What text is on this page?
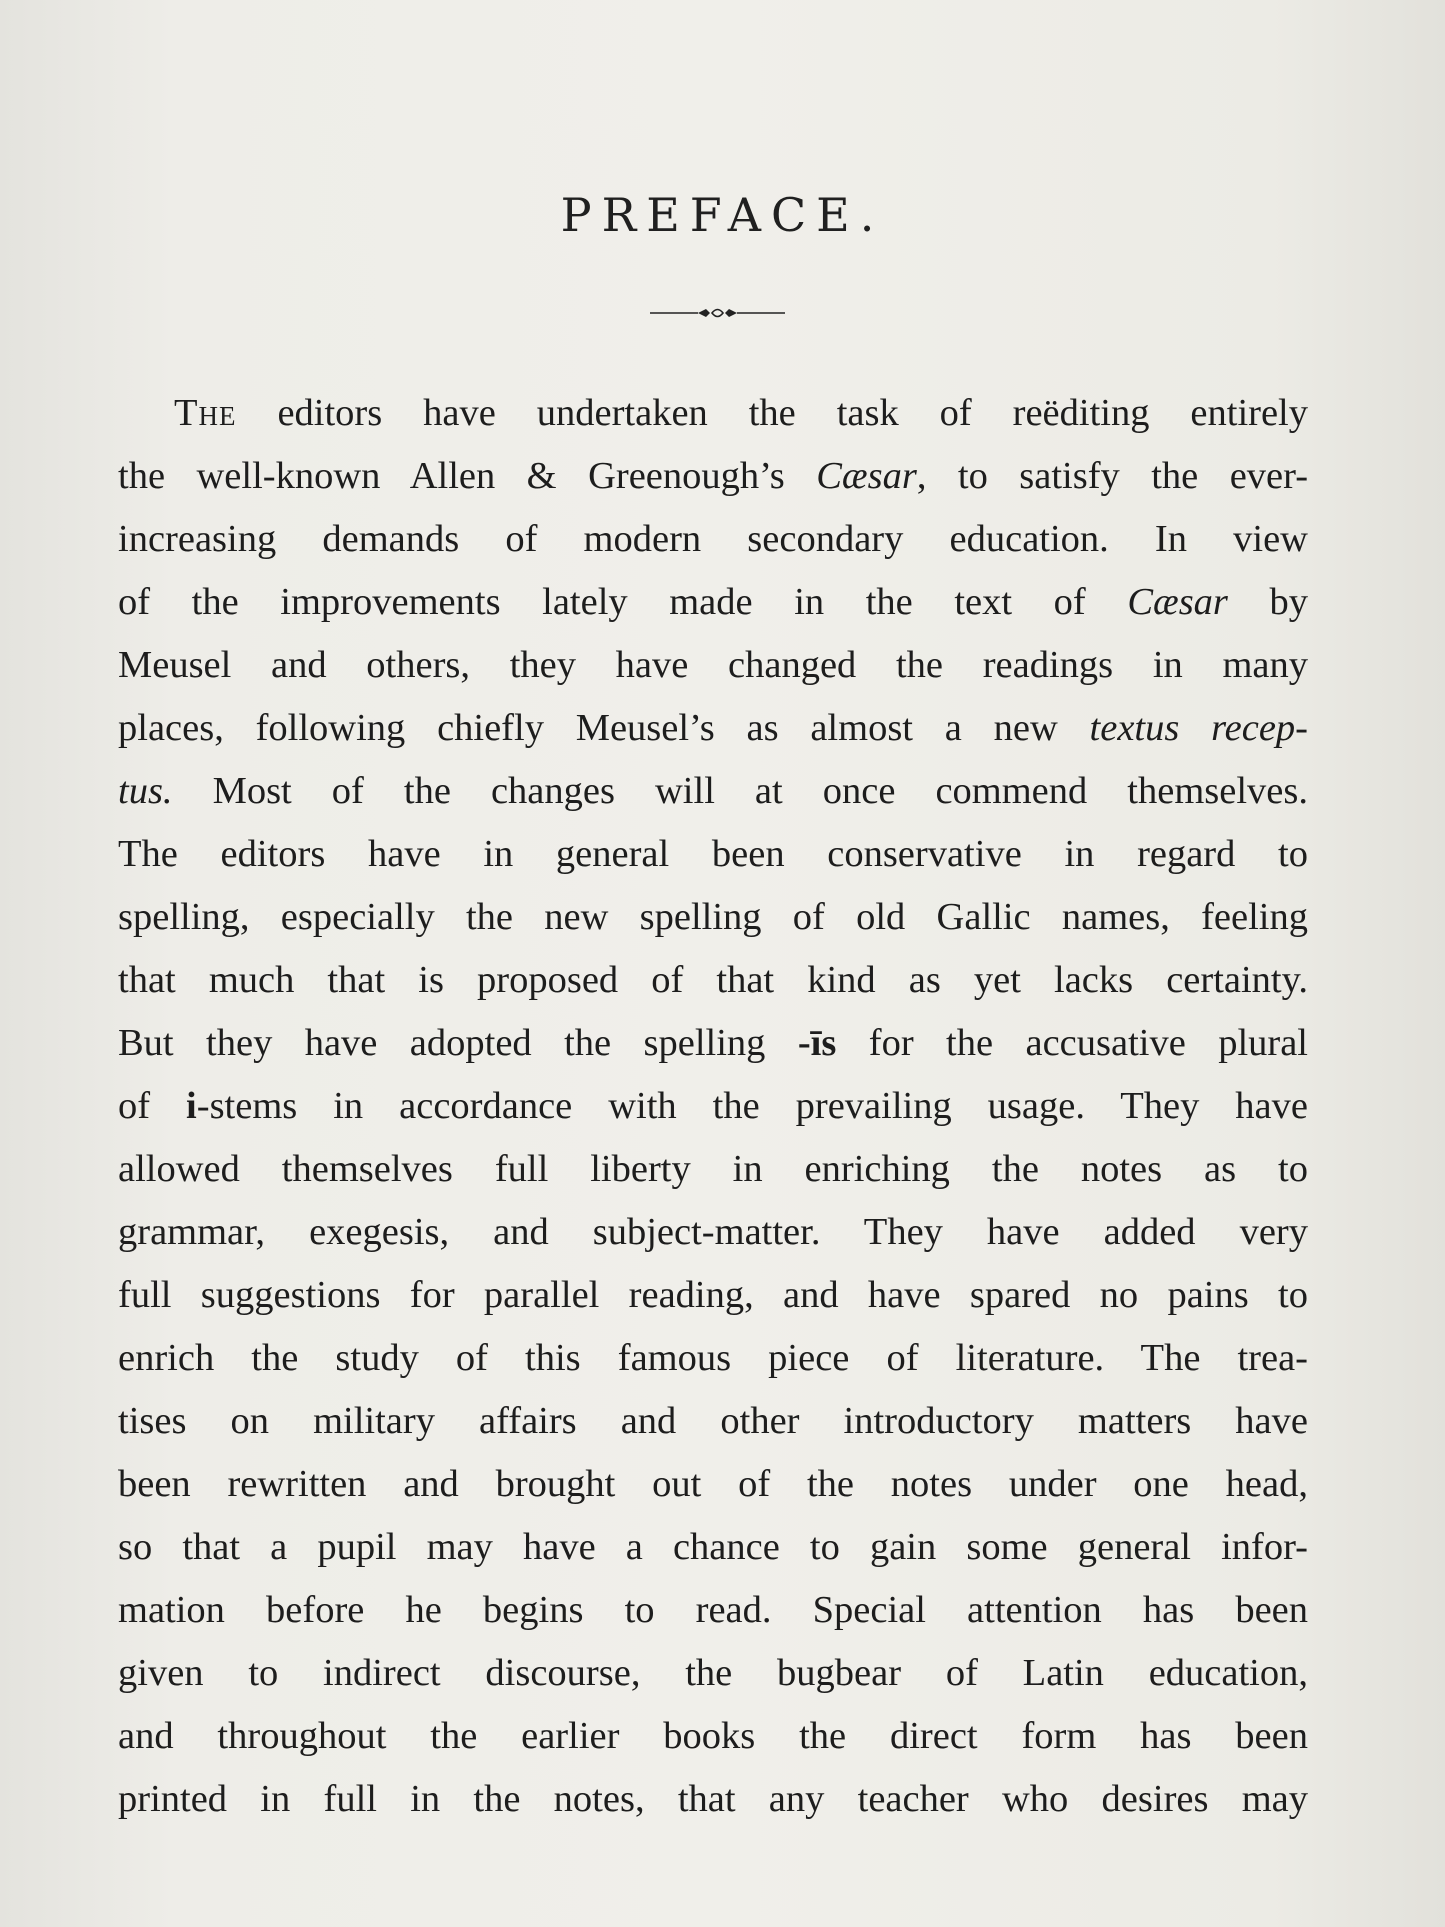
PREFACE.
The editors have undertaken the task of reëditing entirely
the well-known Allen & Greenough’s Cæsar, to satisfy the ever-
increasing demands of modern secondary education. In view
of the improvements lately made in the text of Cæsar by
Meusel and others, they have changed the readings in many
places, following chiefly Meusel’s as almost a new textus recep-
tus. Most of the changes will at once commend themselves.
The editors have in general been conservative in regard to
spelling, especially the new spelling of old Gallic names, feeling
that much that is proposed of that kind as yet lacks certainty.
But they have adopted the spelling -īs for the accusative plural
of i-stems in accordance with the prevailing usage. They have
allowed themselves full liberty in enriching the notes as to
grammar, exegesis, and subject-matter. They have added very
full suggestions for parallel reading, and have spared no pains to
enrich the study of this famous piece of literature. The trea-
tises on military affairs and other introductory matters have
been rewritten and brought out of the notes under one head,
so that a pupil may have a chance to gain some general infor-
mation before he begins to read. Special attention has been
given to indirect discourse, the bugbear of Latin education,
and throughout the earlier books the direct form has been
printed in full in the notes, that any teacher who desires may
